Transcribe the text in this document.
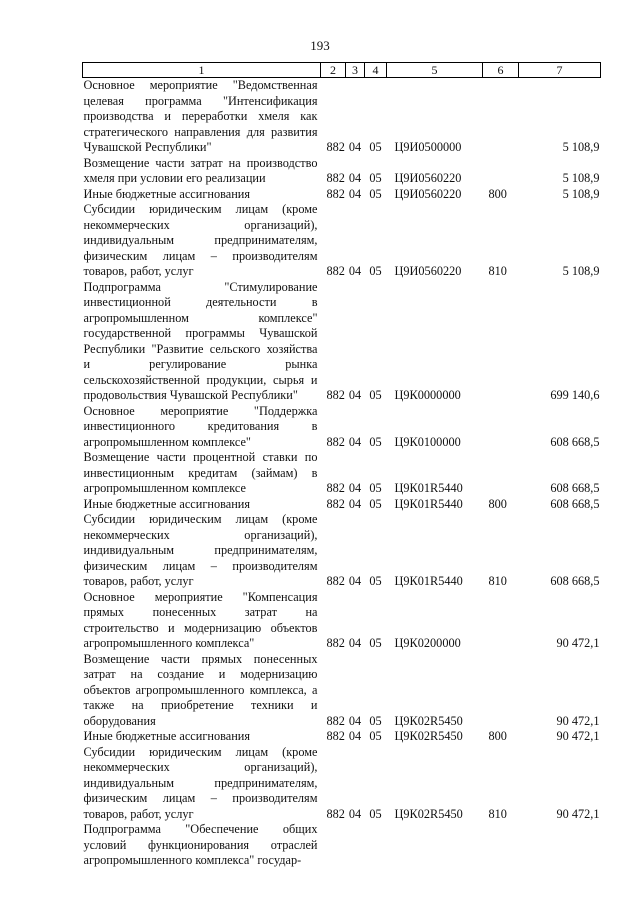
193
1	2	3	4	5	6	7
Основное мероприятие "Ведомственная целевая программа "Интенсификация производства и переработки хмеля как стратегического направления для развития Чувашской Республики"	882	04	05	Ц9И0500000		5 108,9
Возмещение части затрат на производство хмеля при условии его реализации	882	04	05	Ц9И0560220		5 108,9
Иные бюджетные ассигнования	882	04	05	Ц9И0560220	800	5 108,9
Субсидии юридическим лицам (кроме некоммерческих организаций), индивидуальным предпринимателям, физическим лицам – производителям товаров, работ, услуг	882	04	05	Ц9И0560220	810	5 108,9
Подпрограмма "Стимулирование инвестиционной деятельности в агропромышленном комплексе" государственной программы Чувашской Республики "Развитие сельского хозяйства и регулирование рынка сельскохозяйственной продукции, сырья и продовольствия Чувашской Республики"	882	04	05	Ц9К0000000		699 140,6
Основное мероприятие "Поддержка инвестиционного кредитования в агропромышленном комплексе"	882	04	05	Ц9К0100000		608 668,5
Возмещение части процентной ставки по инвестиционным кредитам (займам) в агропромышленном комплексе	882	04	05	Ц9К01R5440		608 668,5
Иные бюджетные ассигнования	882	04	05	Ц9К01R5440	800	608 668,5
Субсидии юридическим лицам (кроме некоммерческих организаций), индивидуальным предпринимателям, физическим лицам – производителям товаров, работ, услуг	882	04	05	Ц9К01R5440	810	608 668,5
Основное мероприятие "Компенсация прямых понесенных затрат на строительство и модернизацию объектов агропромышленного комплекса"	882	04	05	Ц9К0200000		90 472,1
Возмещение части прямых понесенных затрат на создание и модернизацию объектов агропромышленного комплекса, а также на приобретение техники и оборудования	882	04	05	Ц9К02R5450		90 472,1
Иные бюджетные ассигнования	882	04	05	Ц9К02R5450	800	90 472,1
Субсидии юридическим лицам (кроме некоммерческих организаций), индивидуальным предпринимателям, физическим лицам – производителям товаров, работ, услуг	882	04	05	Ц9К02R5450	810	90 472,1
Подпрограмма "Обеспечение общих условий функционирования отраслей агропромышленного комплекса" государ-						
